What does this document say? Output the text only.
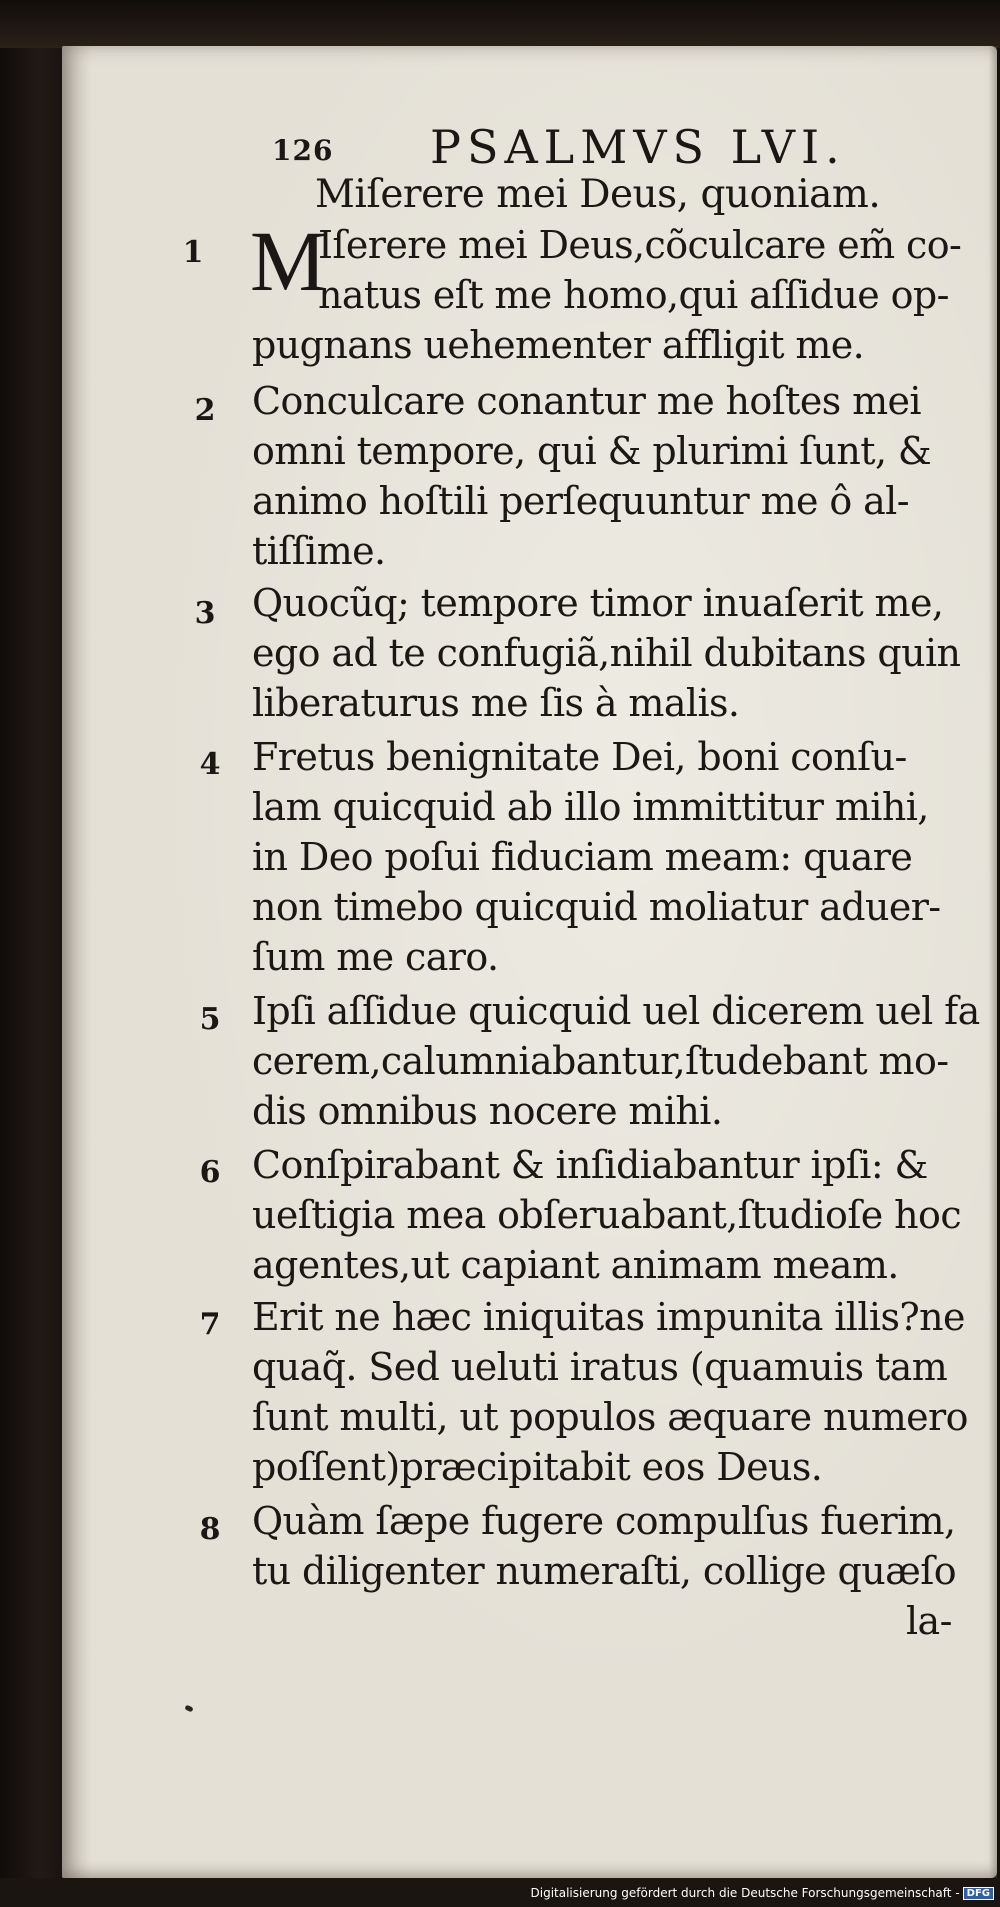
126 PSALMVS LVI.
Miſerere mei Deus, quoniam.
M
1	Iſerere mei Deus,cõculcare em̃ co-
natus eſt me homo,qui aſſidue op-
pugnans uehementer affligit me.
2 Conculcare conantur me hoſtes mei
omni tempore, qui & plurimi ſunt, &
animo hoſtili perſequuntur me ô al-
tiſſime.
3 Quocũq; tempore timor inuaſerit me,
ego ad te confugiã,nihil dubitans quin
liberaturus me ſis à malis.
4 Fretus benignitate Dei, boni conſu-
lam quicquid ab illo immittitur mihi,
in Deo poſui fiduciam meam: quare
non timebo quicquid moliatur aduer-
ſum me caro.
5 Ipſi aſſidue quicquid uel dicerem uel fa
cerem,calumniabantur,ſtudebant mo-
dis omnibus nocere mihi.
6 Conſpirabant & inſidiabantur ipſi: &
ueſtigia mea obſeruabant,ſtudioſe hoc
agentes,ut capiant animam meam.
7 Erit ne hæc iniquitas impunita illis?ne
quaq̃. Sed ueluti iratus (quamuis tam
ſunt multi, ut populos æquare numero
poſſent)præcipitabit eos Deus.
8 Quàm ſæpe fugere compulſus fuerim,
tu diligenter numeraſti, collige quæſo
la-
Digitalisierung gefördert durch die Deutsche Forschungsgemeinschaft - DFG
